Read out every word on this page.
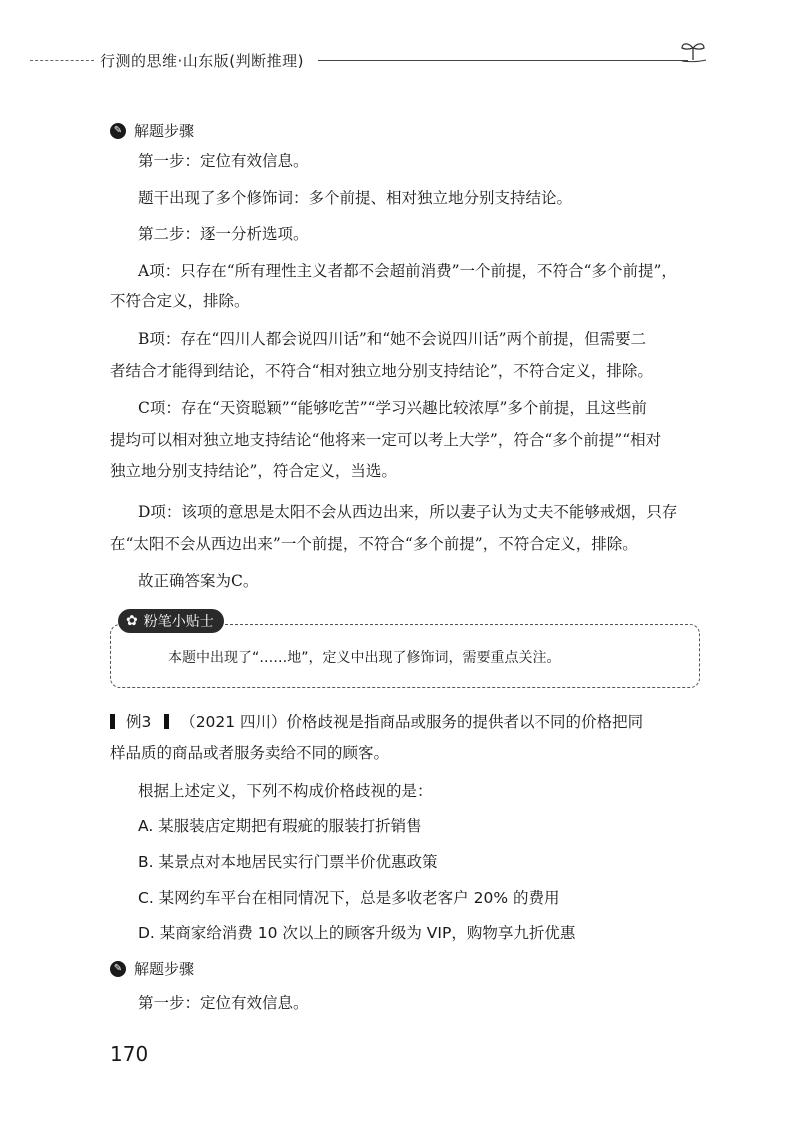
行测的思维·山东版(判断推理)
✎ 解题步骤
第一步：定位有效信息。
题干出现了多个修饰词：多个前提、相对独立地分别支持结论。
第二步：逐一分析选项。
A项：只存在“所有理性主义者都不会超前消费”一个前提，不符合“多个前提”，
不符合定义，排除。
B项：存在“四川人都会说四川话”和“她不会说四川话”两个前提，但需要二
者结合才能得到结论，不符合“相对独立地分别支持结论”，不符合定义，排除。
C项：存在“天资聪颖”“能够吃苦”“学习兴趣比较浓厚”多个前提，且这些前
提均可以相对独立地支持结论“他将来一定可以考上大学”，符合“多个前提”“相对
独立地分别支持结论”，符合定义，当选。
D项：该项的意思是太阳不会从西边出来，所以妻子认为丈夫不能够戒烟，只存
在“太阳不会从西边出来”一个前提，不符合“多个前提”，不符合定义，排除。
故正确答案为C。
✿ 粉笔小贴士
本题中出现了“……地”，定义中出现了修饰词，需要重点关注。
例3 （2021 四川）价格歧视是指商品或服务的提供者以不同的价格把同
样品质的商品或者服务卖给不同的顾客。
根据上述定义，下列不构成价格歧视的是：
A. 某服装店定期把有瑕疵的服装打折销售
B. 某景点对本地居民实行门票半价优惠政策
C. 某网约车平台在相同情况下，总是多收老客户 20% 的费用
D. 某商家给消费 10 次以上的顾客升级为 VIP，购物享九折优惠
✎ 解题步骤
第一步：定位有效信息。
170
